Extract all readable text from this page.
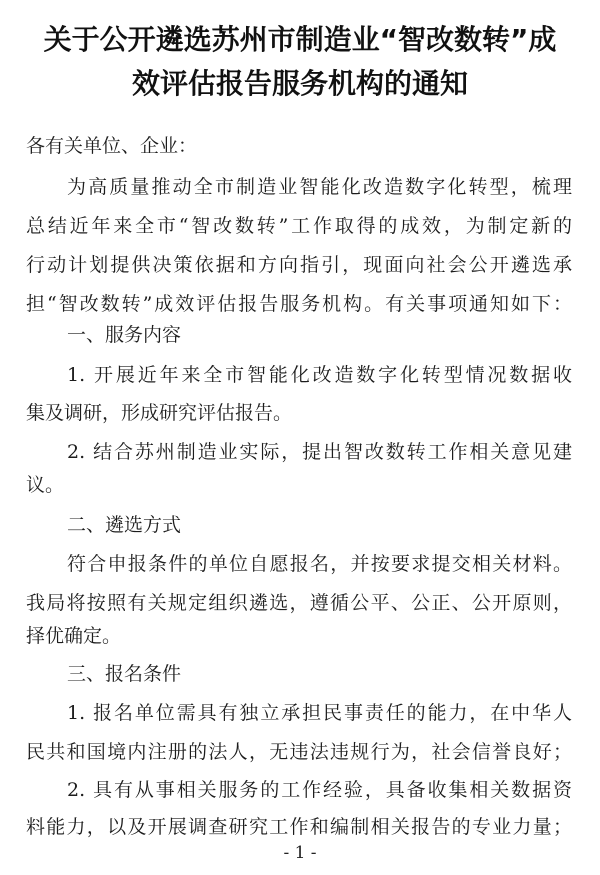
关于公开遴选苏州市制造业“智改数转”成
效评估报告服务机构的通知
各有关单位、企业：
为高质量推动全市制造业智能化改造数字化转型，梳理
总结近年来全市“智改数转”工作取得的成效，为制定新的
行动计划提供决策依据和方向指引，现面向社会公开遴选承
担“智改数转”成效评估报告服务机构。有关事项通知如下：
一、服务内容
1. 开展近年来全市智能化改造数字化转型情况数据收
集及调研，形成研究评估报告。
2. 结合苏州制造业实际，提出智改数转工作相关意见建
议。
二、遴选方式
符合申报条件的单位自愿报名，并按要求提交相关材料。
我局将按照有关规定组织遴选，遵循公平、公正、公开原则，
择优确定。
三、报名条件
1. 报名单位需具有独立承担民事责任的能力，在中华人
民共和国境内注册的法人，无违法违规行为，社会信誉良好；
2. 具有从事相关服务的工作经验，具备收集相关数据资
料能力，以及开展调查研究工作和编制相关报告的专业力量；
- 1 -
